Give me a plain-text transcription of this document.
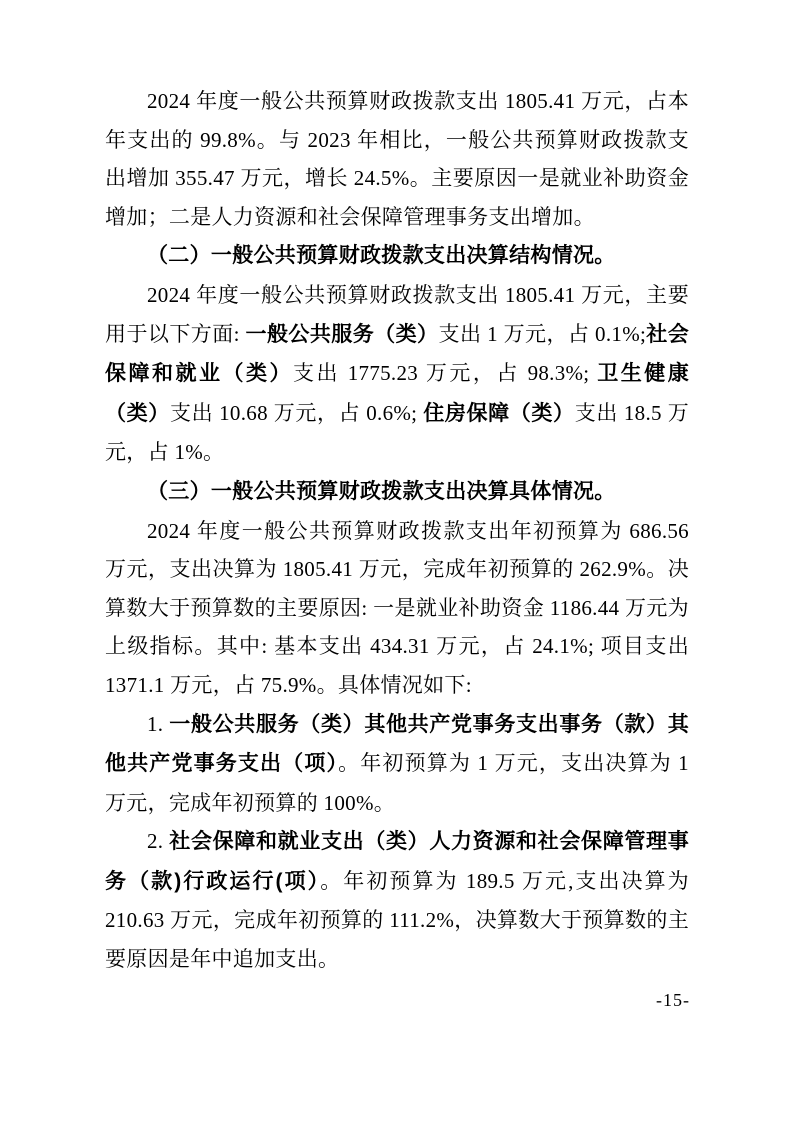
2024 年度一般公共预算财政拨款支出 1805.41 万元，占本年支出的 99.8%。与 2023 年相比，一般公共预算财政拨款支出增加 355.47 万元，增长 24.5%。主要原因一是就业补助资金增加；二是人力资源和社会保障管理事务支出增加。

（二）一般公共预算财政拨款支出决算结构情况。

2024 年度一般公共预算财政拨款支出 1805.41 万元，主要用于以下方面: 一般公共服务（类）支出 1 万元，占 0.1%;社会保障和就业（类）支出 1775.23 万元，占 98.3%; 卫生健康（类）支出 10.68 万元，占 0.6%; 住房保障（类）支出 18.5 万元，占 1%。

（三）一般公共预算财政拨款支出决算具体情况。

2024 年度一般公共预算财政拨款支出年初预算为 686.56 万元，支出决算为 1805.41 万元，完成年初预算的 262.9%。决算数大于预算数的主要原因: 一是就业补助资金 1186.44 万元为上级指标。其中: 基本支出 434.31 万元，占 24.1%; 项目支出 1371.1 万元，占 75.9%。具体情况如下:

1. 一般公共服务（类）其他共产党事务支出事务（款）其他共产党事务支出（项）。年初预算为 1 万元，支出决算为 1 万元，完成年初预算的 100%。

2. 社会保障和就业支出（类）人力资源和社会保障管理事务（款)行政运行(项）。年初预算为 189.5 万元,支出决算为 210.63 万元，完成年初预算的 111.2%，决算数大于预算数的主要原因是年中追加支出。

-15-
